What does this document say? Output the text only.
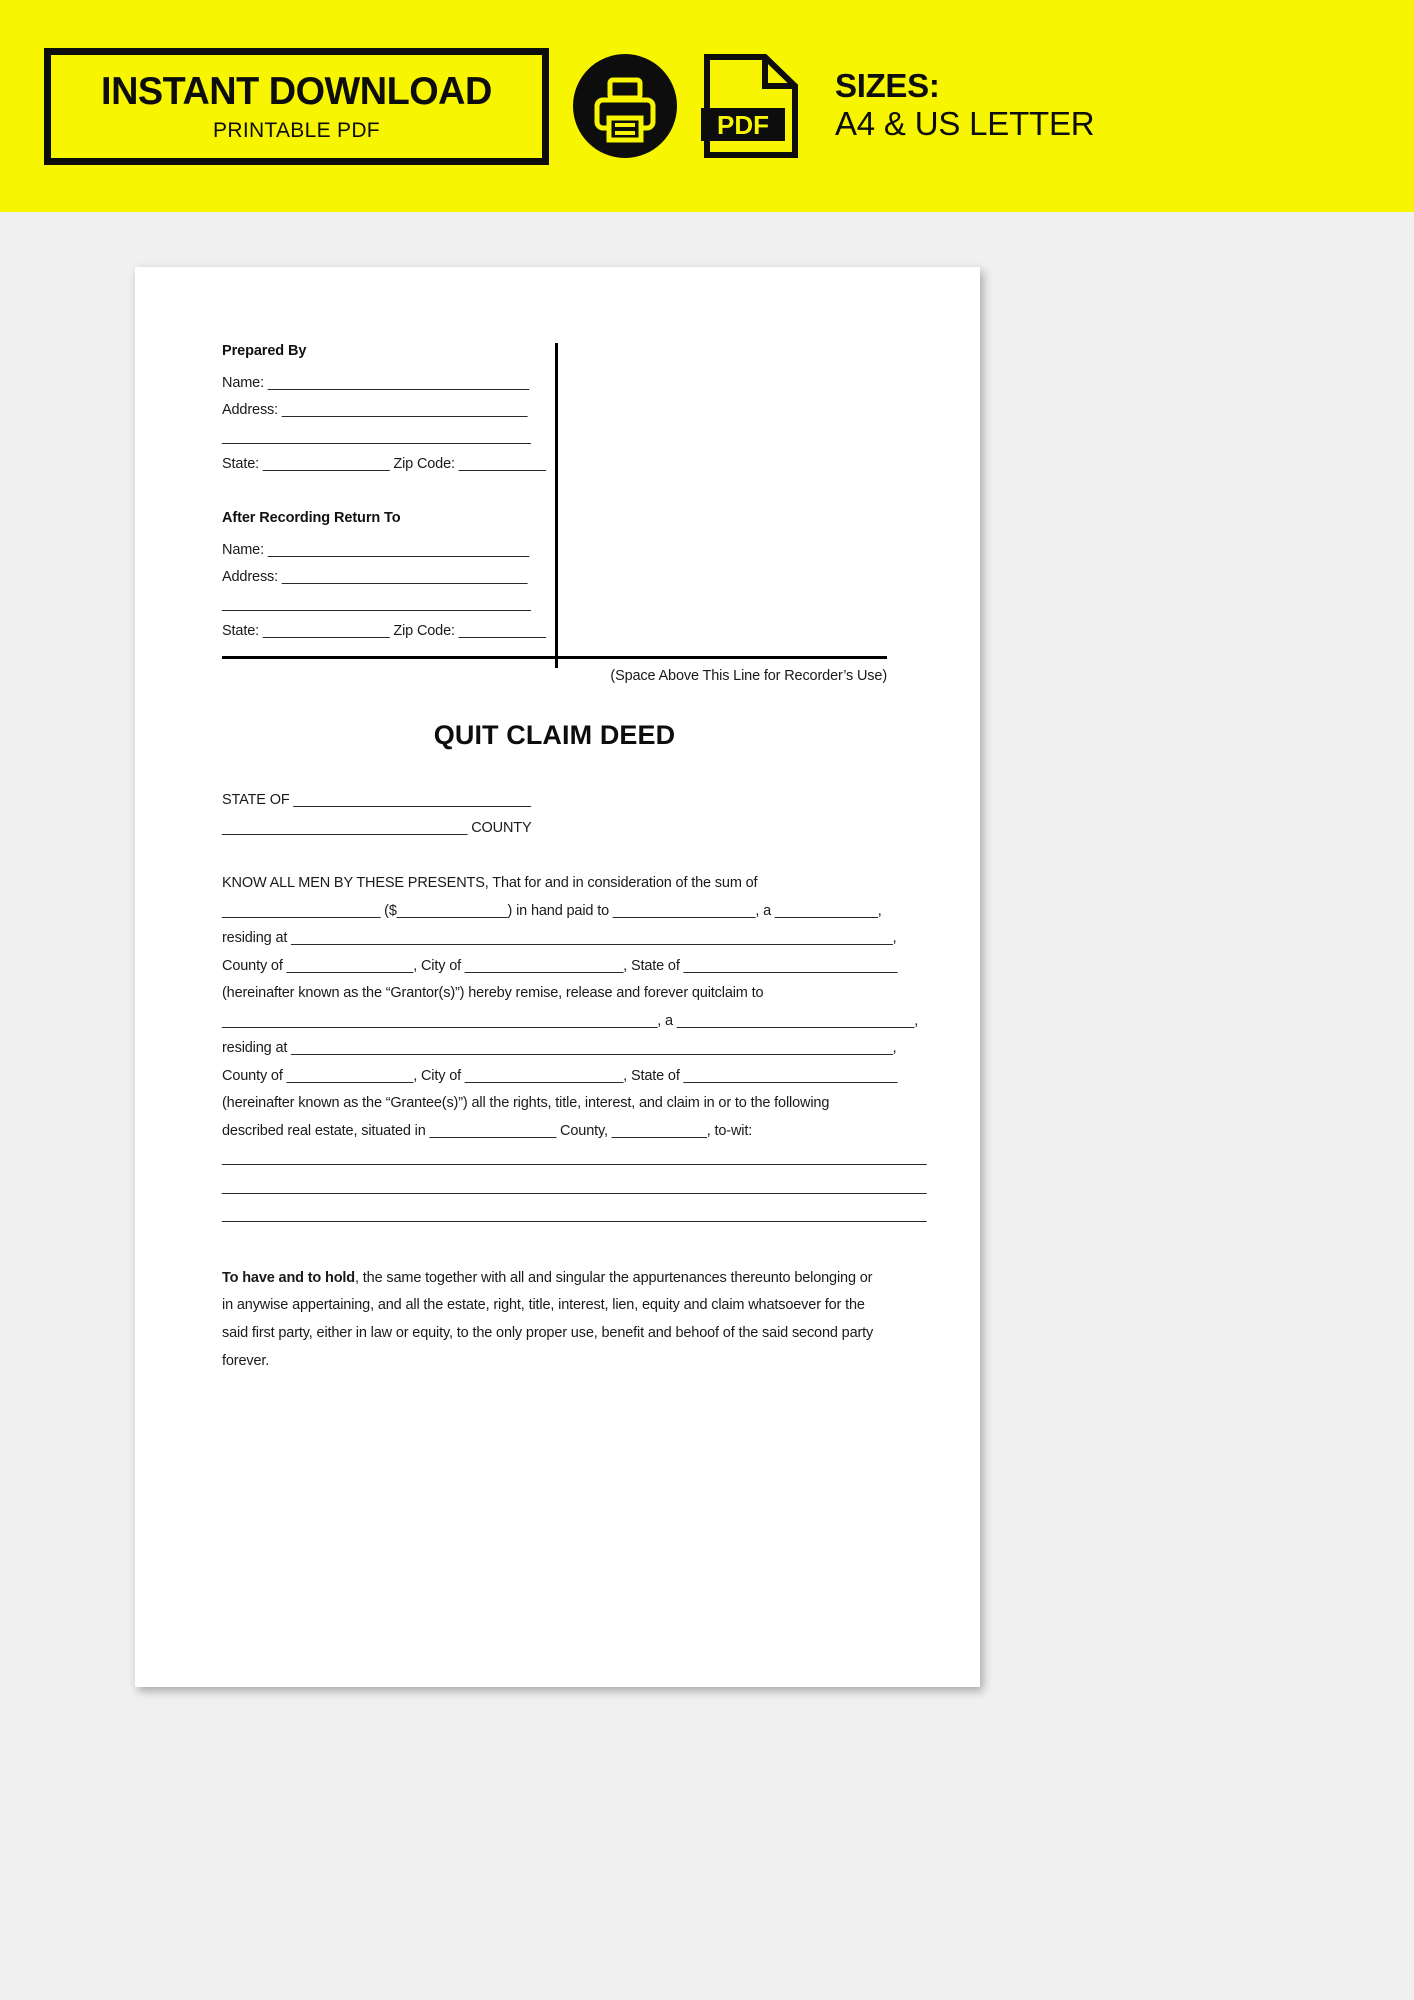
INSTANT DOWNLOAD
PRINTABLE PDF	PDF
SIZES:
A4 & US LETTER
Prepared By
Name: _________________________________
Address: _______________________________
_______________________________________
State: ________________ Zip Code: ___________
After Recording Return To
Name: _________________________________
Address: _______________________________
_______________________________________
State: ________________ Zip Code: ___________
(Space Above This Line for Recorder’s Use)
QUIT CLAIM DEED
STATE OF ______________________________
_______________________________ COUNTY
KNOW ALL MEN BY THESE PRESENTS, That for and in consideration of the sum of
____________________ ($______________) in hand paid to __________________, a _____________,
residing at ____________________________________________________________________________,
County of ________________, City of ____________________, State of ___________________________
(hereinafter known as the “Grantor(s)”) hereby remise, release and forever quitclaim to
_______________________________________________________, a ______________________________,
residing at ____________________________________________________________________________,
County of ________________, City of ____________________, State of ___________________________
(hereinafter known as the “Grantee(s)”) all the rights, title, interest, and claim in or to the following
described real estate, situated in ________________ County, ____________, to-wit:
_________________________________________________________________________________________
_________________________________________________________________________________________
_________________________________________________________________________________________

To have and to hold, the same together with all and singular the appurtenances thereunto belonging or in anywise appertaining, and all the estate, right, title, interest, lien, equity and claim whatsoever for the said first party, either in law or equity, to the only proper use, benefit and behoof of the said second party forever.
